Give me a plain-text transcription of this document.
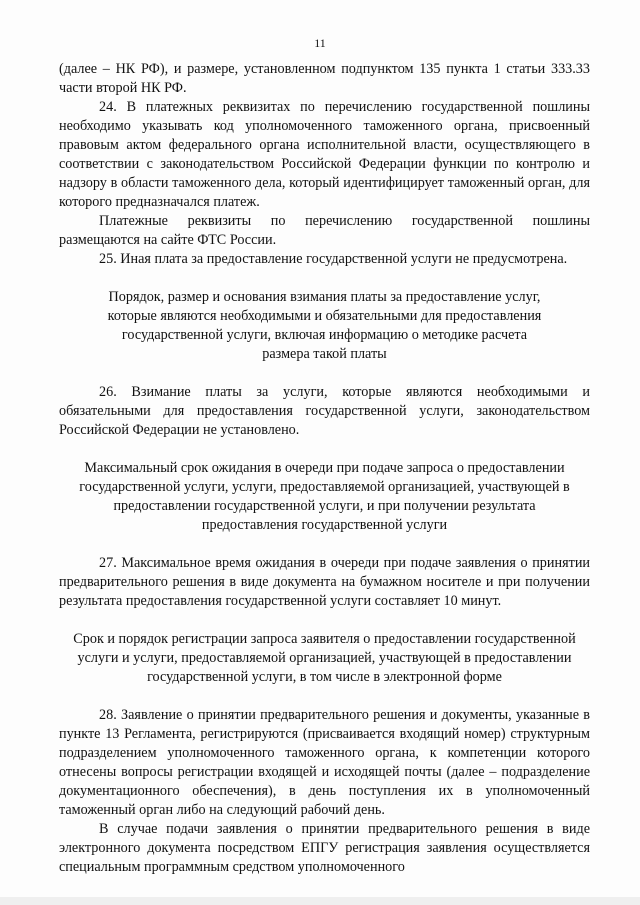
11

(далее – НК РФ), и размере, установленном подпунктом 135 пункта 1 статьи 333.33 части второй НК РФ.

24. В платежных реквизитах по перечислению государственной пошлины необходимо указывать код уполномоченного таможенного органа, присвоенный правовым актом федерального органа исполнительной власти, осуществляющего в соответствии с законодательством Российской Федерации функции по контролю и надзору в области таможенного дела, который идентифицирует таможенный орган, для которого предназначался платеж.

Платежные реквизиты по перечислению государственной пошлины размещаются на сайте ФТС России.

25. Иная плата за предоставление государственной услуги не предусмотрена.

Порядок, размер и основания взимания платы за предоставление услуг, которые являются необходимыми и обязательными для предоставления государственной услуги, включая информацию о методике расчета размера такой платы

26. Взимание платы за услуги, которые являются необходимыми и обязательными для предоставления государственной услуги, законодательством Российской Федерации не установлено.

Максимальный срок ожидания в очереди при подаче запроса о предоставлении государственной услуги, услуги, предоставляемой организацией, участвующей в предоставлении государственной услуги, и при получении результата предоставления государственной услуги

27. Максимальное время ожидания в очереди при подаче заявления о принятии предварительного решения в виде документа на бумажном носителе и при получении результата предоставления государственной услуги составляет 10 минут.

Срок и порядок регистрации запроса заявителя о предоставлении государственной услуги и услуги, предоставляемой организацией, участвующей в предоставлении государственной услуги, в том числе в электронной форме

28. Заявление о принятии предварительного решения и документы, указанные в пункте 13 Регламента, регистрируются (присваивается входящий номер) структурным подразделением уполномоченного таможенного органа, к компетенции которого отнесены вопросы регистрации входящей и исходящей почты (далее – подразделение документационного обеспечения), в день поступления их в уполномоченный таможенный орган либо на следующий рабочий день.

В случае подачи заявления о принятии предварительного решения в виде электронного документа посредством ЕПГУ регистрация заявления осуществляется специальным программным средством уполномоченного
